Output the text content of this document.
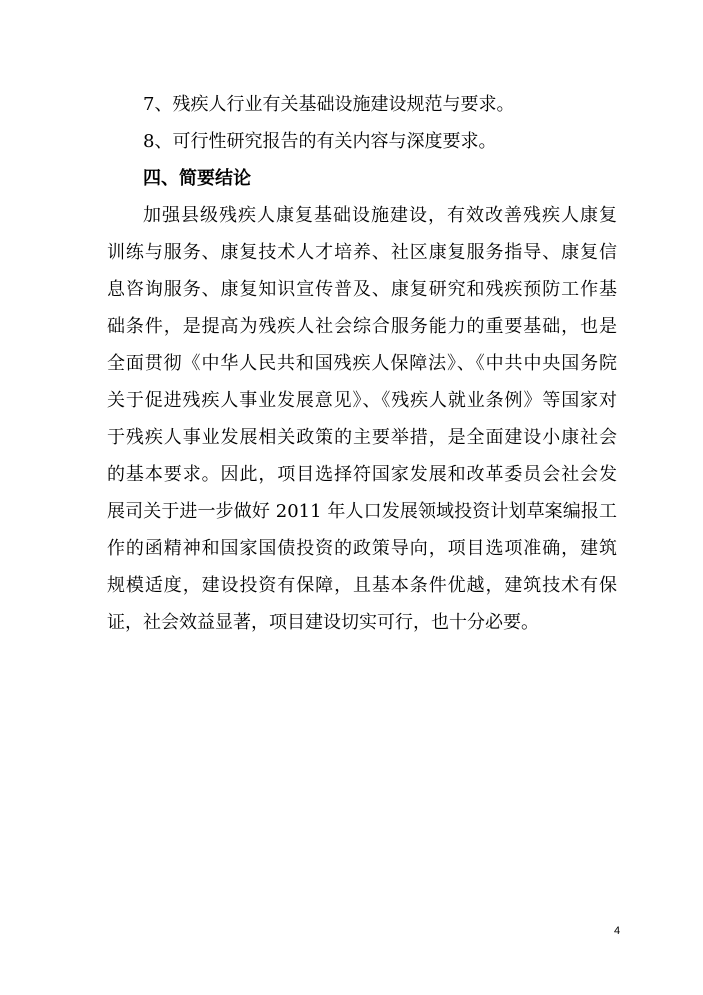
7、残疾人行业有关基础设施建设规范与要求。
8、可行性研究报告的有关内容与深度要求。
四、简要结论
加强县级残疾人康复基础设施建设，有效改善残疾人康复
训练与服务、康复技术人才培养、社区康复服务指导、康复信
息咨询服务、康复知识宣传普及、康复研究和残疾预防工作基
础条件，是提高为残疾人社会综合服务能力的重要基础，也是
全面贯彻《中华人民共和国残疾人保障法》、《中共中央国务院
关于促进残疾人事业发展意见》、《残疾人就业条例》等国家对
于残疾人事业发展相关政策的主要举措，是全面建设小康社会
的基本要求。因此，项目选择符国家发展和改革委员会社会发
展司关于进一步做好 2011 年人口发展领域投资计划草案编报工
作的函精神和国家国债投资的政策导向，项目选项准确，建筑
规模适度，建设投资有保障，且基本条件优越，建筑技术有保
证，社会效益显著，项目建设切实可行，也十分必要。
4
